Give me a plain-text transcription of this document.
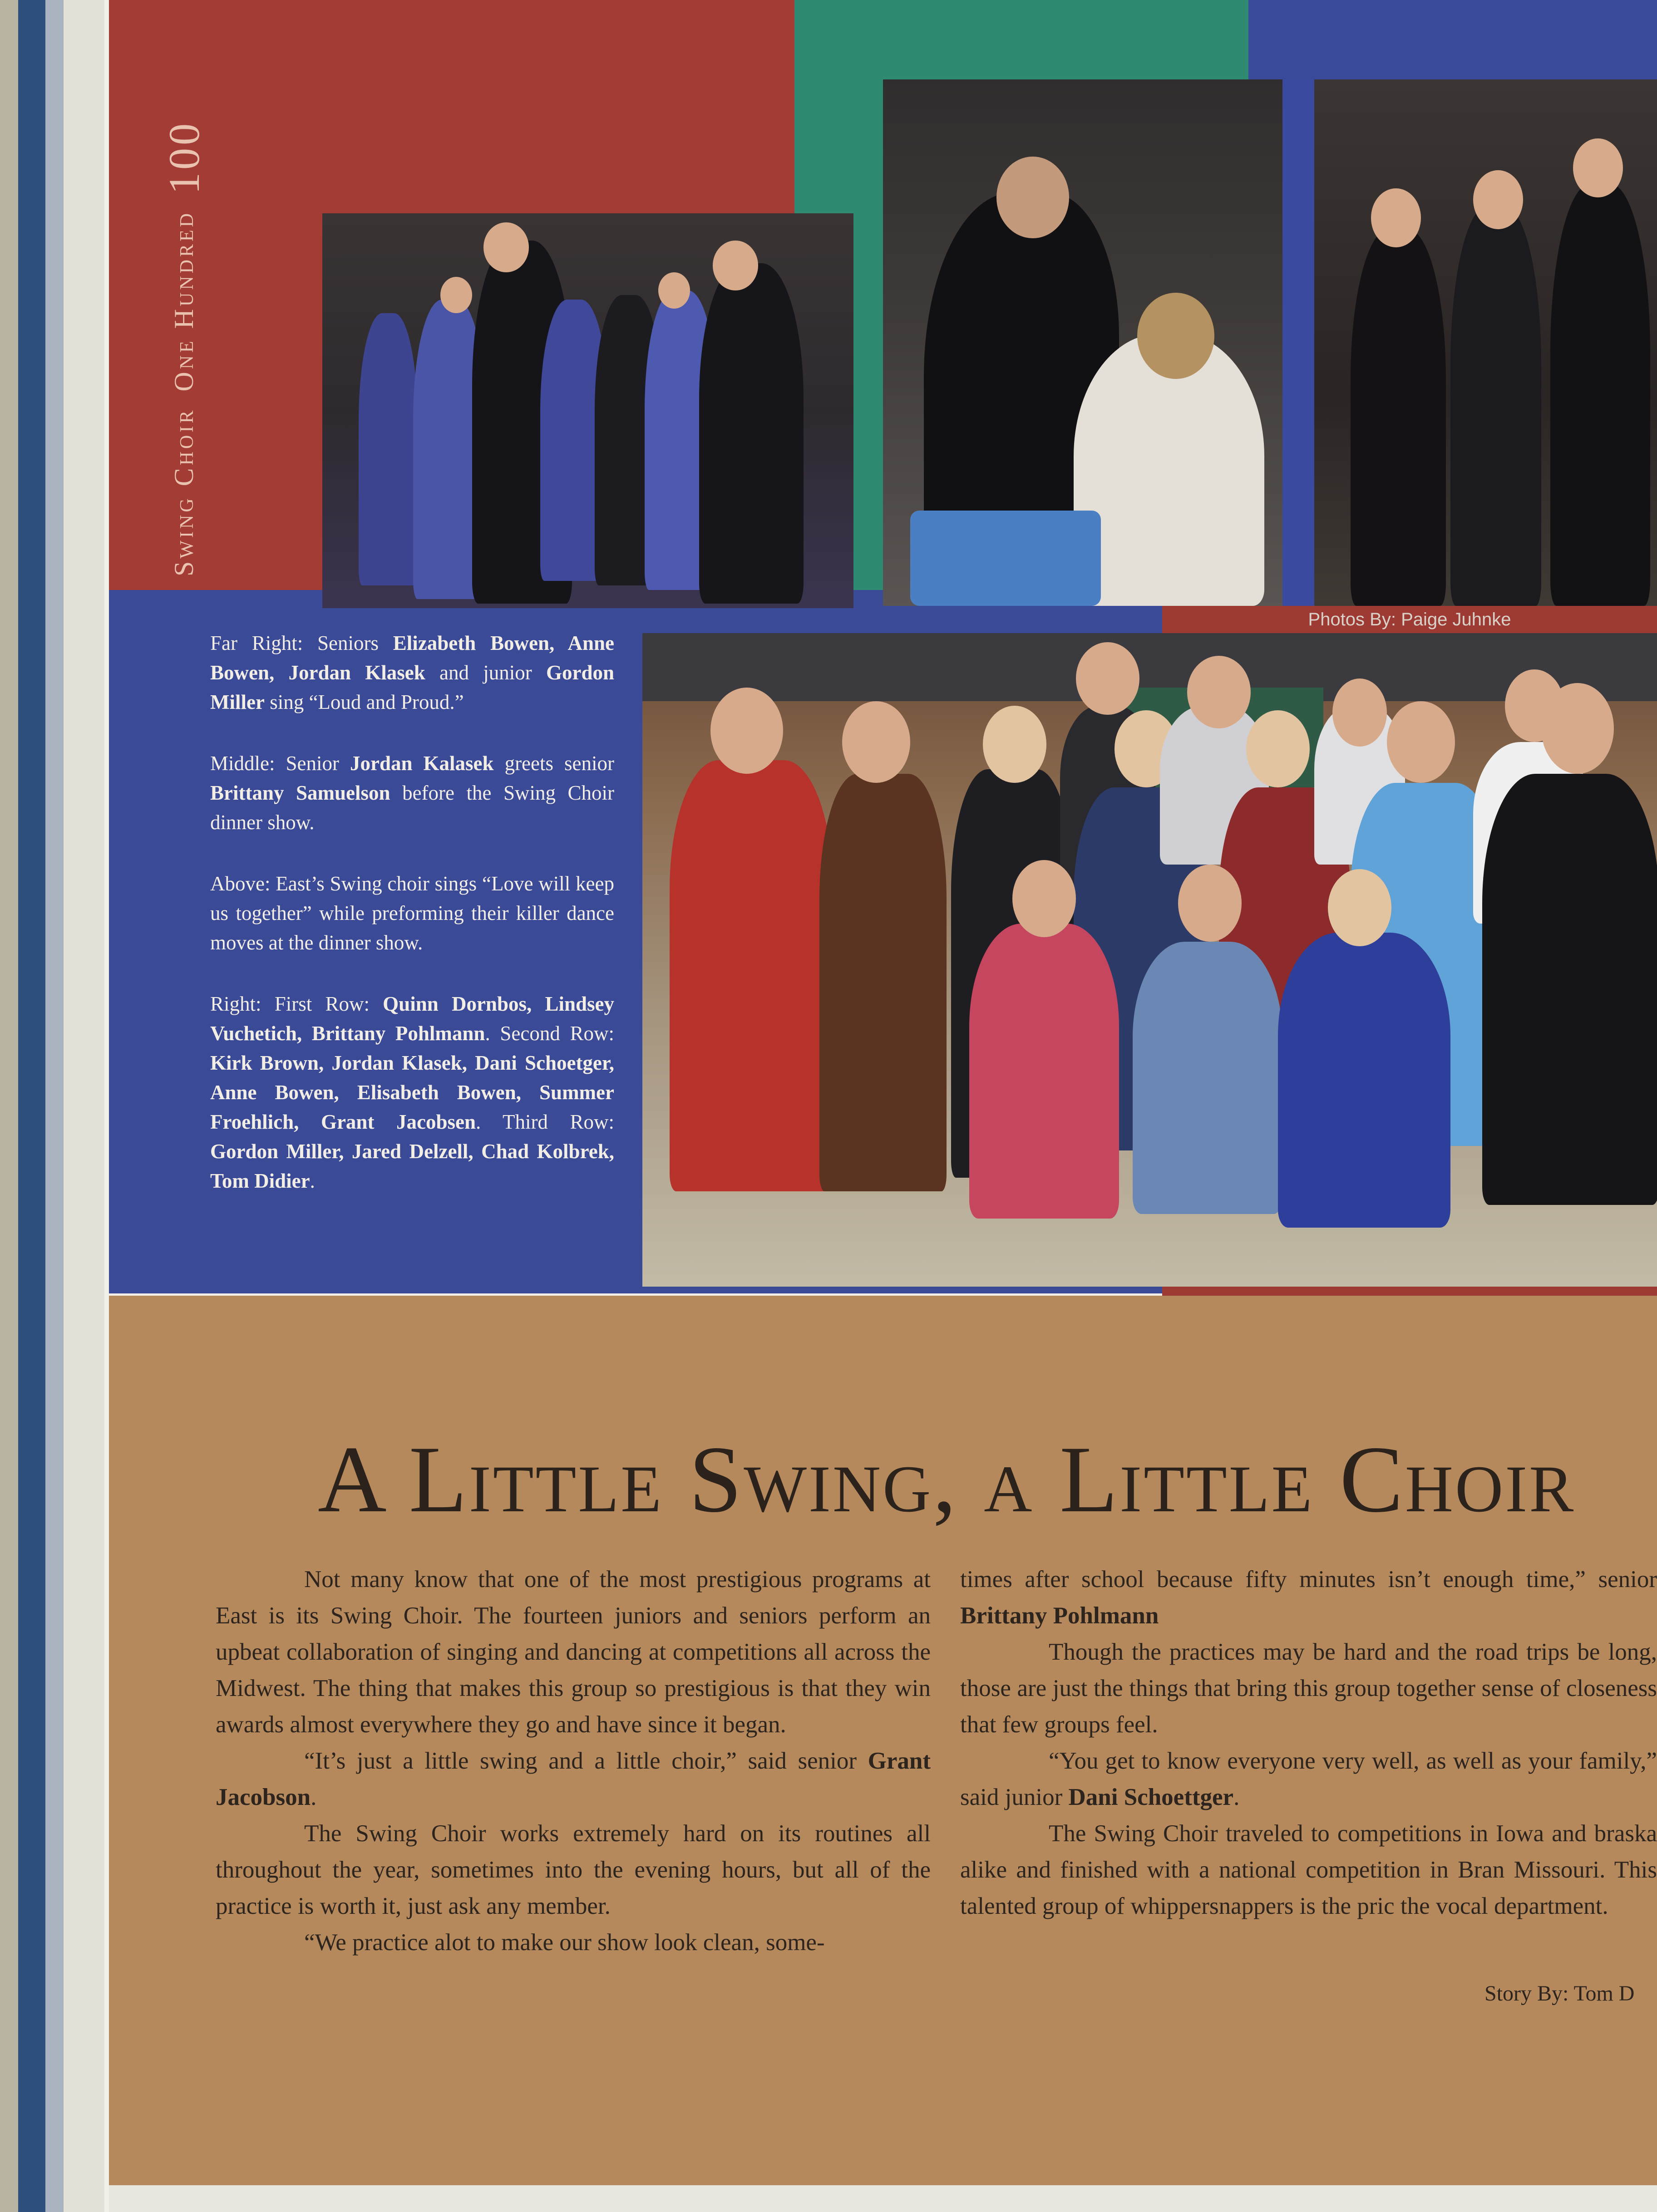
Photos By: Paige Juhnke
Swing Choir
One Hundred
100

Far Right: Seniors Elizabeth Bowen, Anne Bowen, Jordan Klasek and junior Gordon Miller sing “Loud and Proud.”

Middle: Senior Jordan Kalasek greets senior Brittany Samuelson before the Swing Choir dinner show.

Above: East’s Swing choir sings “Love will keep us together” while preforming their killer dance moves at the dinner show.

Right: First Row: Quinn Dornbos, Lindsey Vuchetich, Brittany Pohlmann. Second Row: Kirk Brown, Jordan Klasek, Dani Schoetger, Anne Bowen, Elisabeth Bowen, Summer Froehlich, Grant Jacobsen. Third Row: Gordon Miller, Jared Delzell, Chad Kolbrek, Tom Didier.

A Little Swing, a Little Choir

Not many know that one of the most prestigious programs at East is its Swing Choir. The fourteen juniors and seniors perform an upbeat collaboration of singing and dancing at competitions all across the Midwest. The thing that makes this group so prestigious is that they win awards almost everywhere they go and have since it began.

“It’s just a little swing and a little choir,” said senior Grant Jacobson.

The Swing Choir works extremely hard on its routines all throughout the year, sometimes into the evening hours, but all of the practice is worth it, just ask any member.

“We practice alot to make our show look clean, some-

times after school because fifty minutes isn’t enough time,” senior Brittany Pohlmann

Though the practices may be hard and the road trips be long, those are just the things that bring this group together sense of closeness that few groups feel.

“You get to know everyone very well, as well as your family,” said junior Dani Schoettger.

The Swing Choir traveled to competitions in Iowa and braska alike and finished with a national competition in Bran Missouri. This talented group of whippersnappers is the pric the vocal department.

Story By: Tom D
